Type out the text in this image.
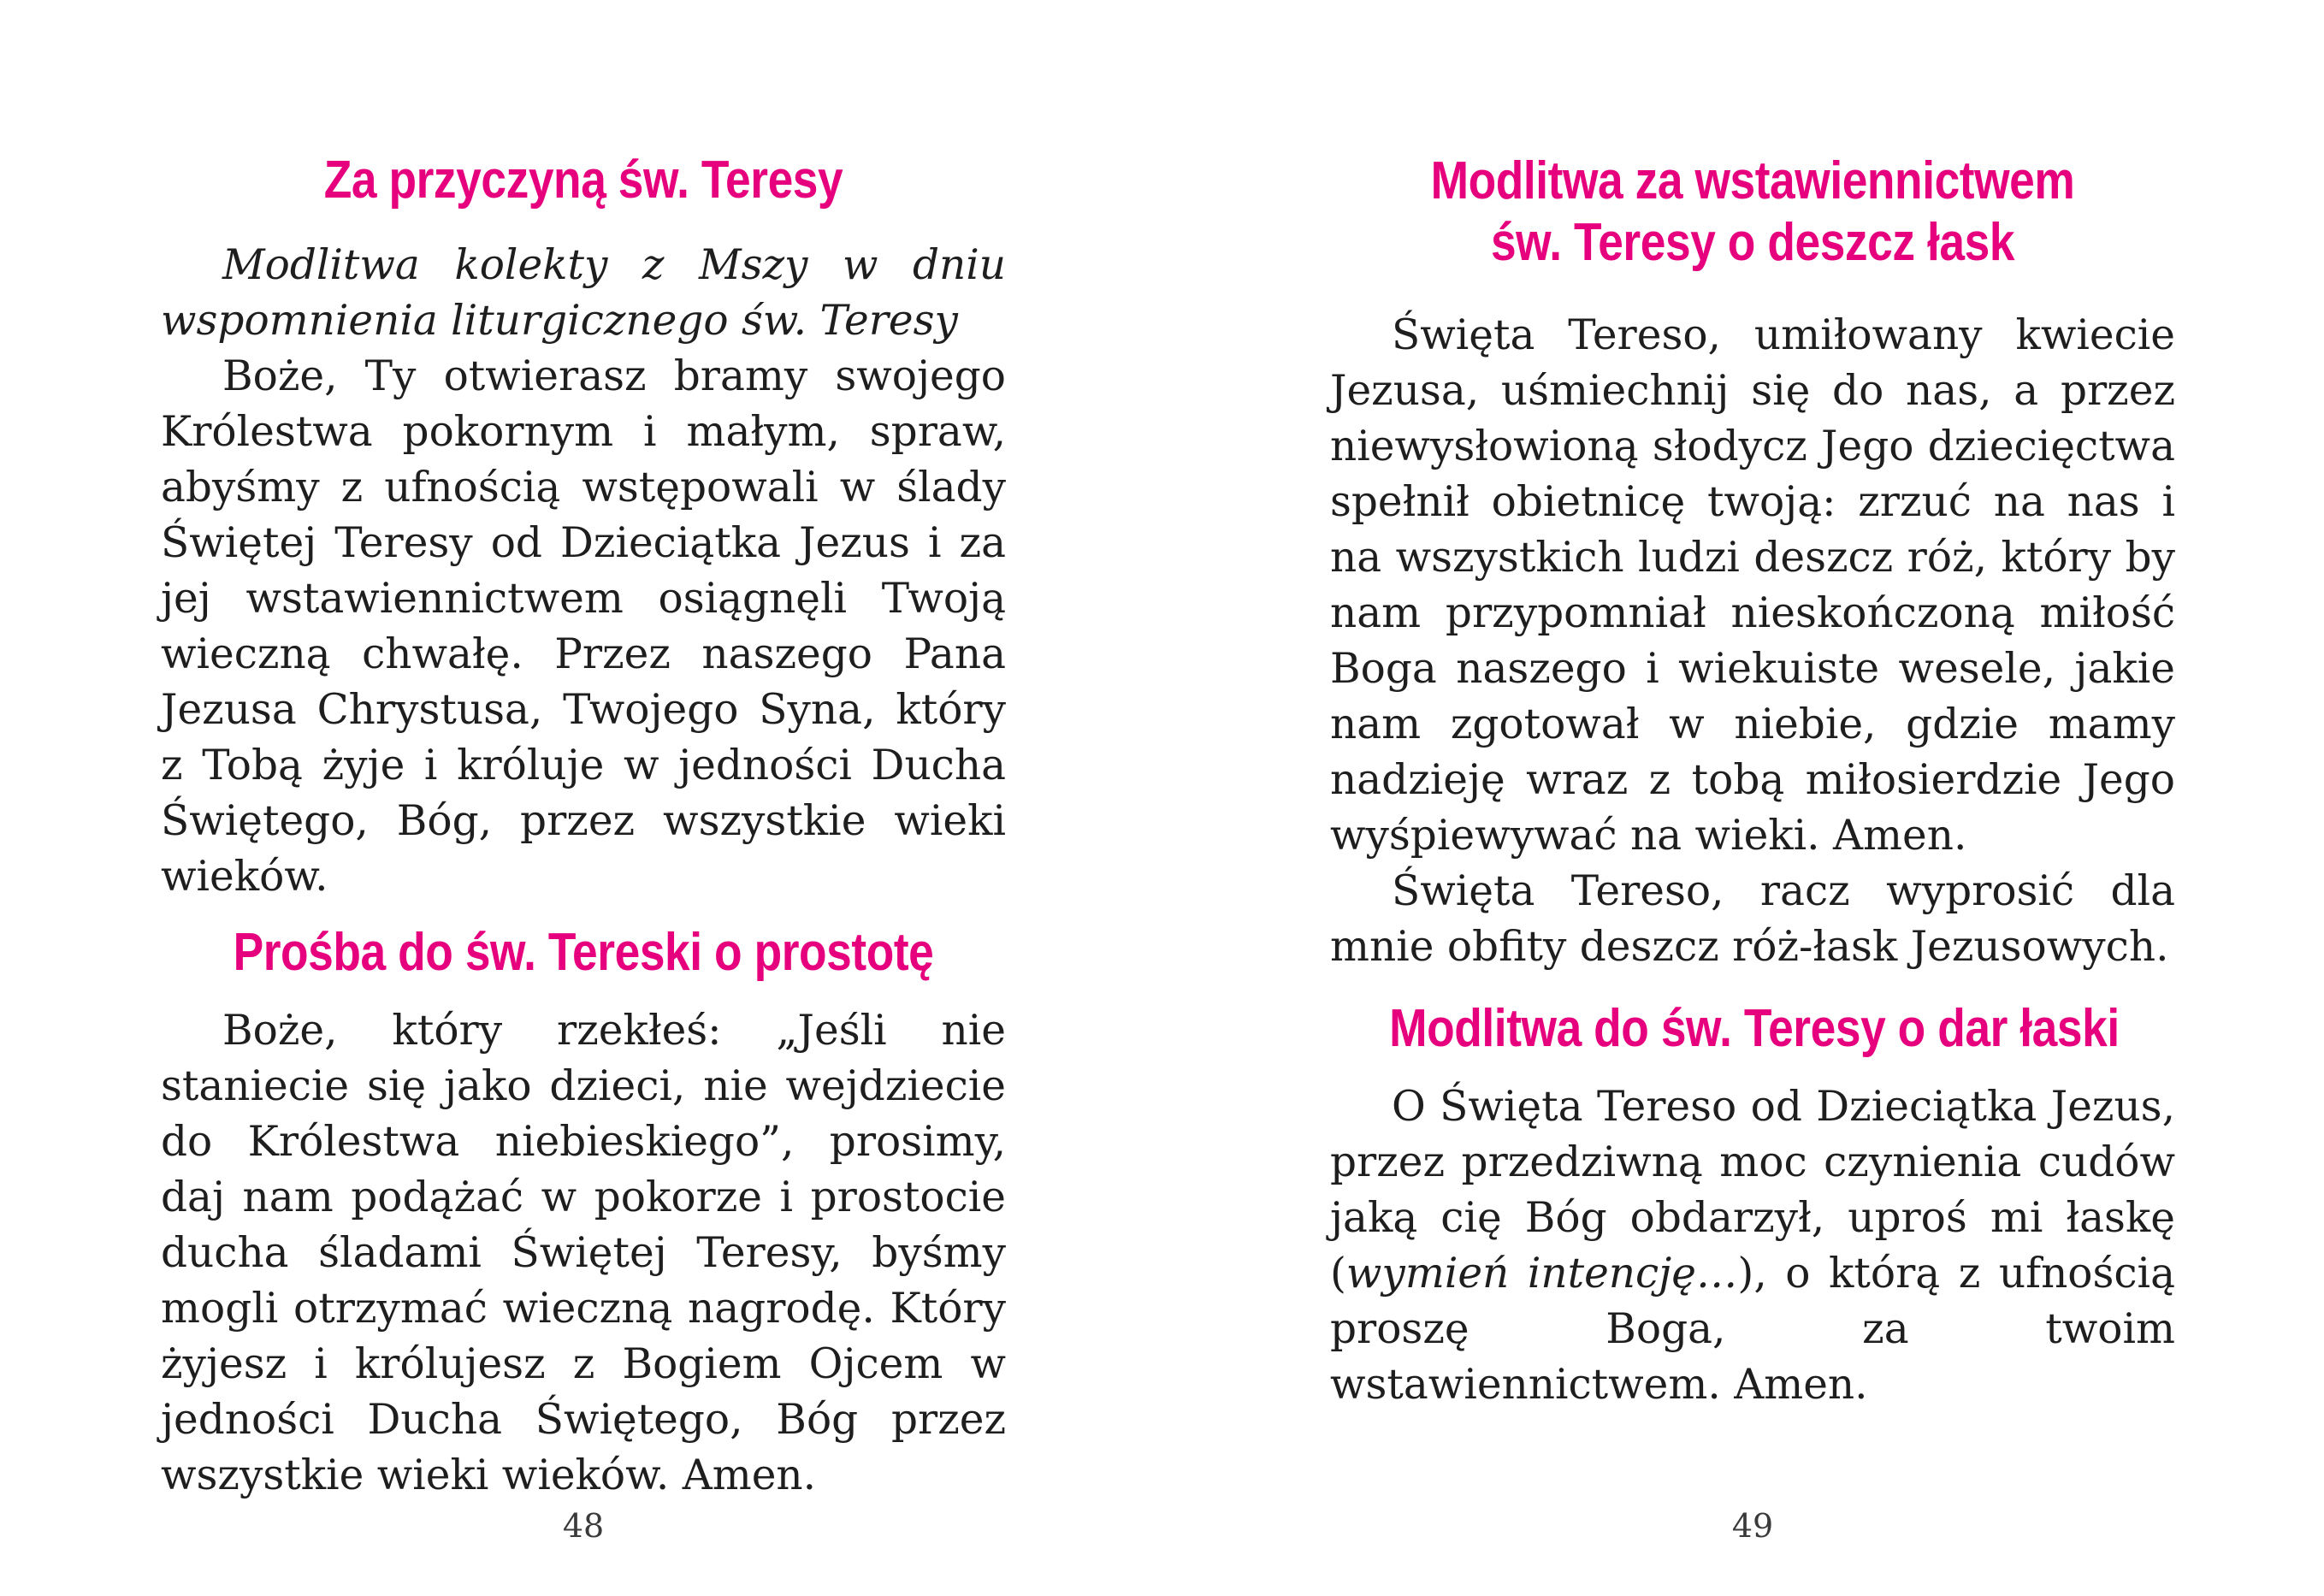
Za przyczyną św. Teresy

Modlitwa kolekty z Mszy w dniu wspomnienia liturgicznego św. Teresy

Boże, Ty otwierasz bramy swojego Królestwa pokornym i małym, spraw, abyśmy z ufnością wstępowali w ślady Świętej Teresy od Dzieciątka Jezus i za jej wstawiennictwem osiągnęli Twoją wieczną chwałę. Przez naszego Pana Jezusa Chrystusa, Twojego Syna, który z Tobą żyje i króluje w jedności Ducha Świętego, Bóg, przez wszystkie wieki wieków.

Prośba do św. Tereski o prostotę

Boże, który rzekłeś: „Jeśli nie staniecie się jako dzieci, nie wejdziecie do Królestwa niebieskiego”, prosimy, daj nam podążać w pokorze i prostocie ducha śladami Świętej Teresy, byśmy mogli otrzymać wieczną nagrodę. Który żyjesz i królujesz z Bogiem Ojcem w jedności Ducha Świętego, Bóg przez wszystkie wieki wieków. Amen.

48
Modlitwa za wstawiennictwem
św. Teresy o deszcz łask

Święta Tereso, umiłowany kwiecie Jezusa, uśmiechnij się do nas, a przez niewysłowioną słodycz Jego dziecięctwa spełnił obietnicę twoją: zrzuć na nas i na wszystkich ludzi deszcz róż, który by nam przypomniał nieskończoną miłość Boga naszego i wiekuiste wesele, jakie nam zgotował w niebie, gdzie mamy nadzieję wraz z tobą miłosierdzie Jego wyśpiewywać na wieki. Amen.

Święta Tereso, racz wyprosić dla mnie obfity deszcz róż-łask Jezusowych.

Modlitwa do św. Teresy o dar łaski

O Święta Tereso od Dzieciątka Jezus, przez przedziwną moc czynienia cudów jaką cię Bóg obdarzył, uproś mi łaskę (wymień intencję…), o którą z ufnością proszę Boga, za twoim wstawiennictwem. Amen.

49
